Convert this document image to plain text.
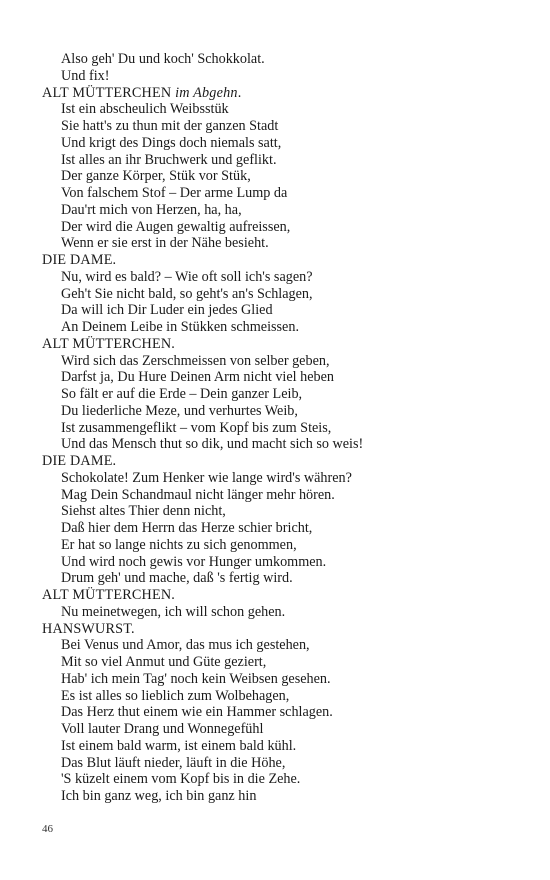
Also geh' Du und koch' Schokkolat.
Und fix!
ALT MÜTTERCHEN im Abgehn.
Ist ein abscheulich Weibsstük
Sie hatt's zu thun mit der ganzen Stadt
Und krigt des Dings doch niemals satt,
Ist alles an ihr Bruchwerk und geflikt.
Der ganze Körper, Stük vor Stük,
Von falschem Stof – Der arme Lump da
Dau'rt mich von Herzen, ha, ha,
Der wird die Augen gewaltig aufreissen,
Wenn er sie erst in der Nähe besieht.
DIE DAME.
Nu, wird es bald? – Wie oft soll ich's sagen?
Geh't Sie nicht bald, so geht's an's Schlagen,
Da will ich Dir Luder ein jedes Glied
An Deinem Leibe in Stükken schmeissen.
ALT MÜTTERCHEN.
Wird sich das Zerschmeissen von selber geben,
Darfst ja, Du Hure Deinen Arm nicht viel heben
So fält er auf die Erde – Dein ganzer Leib,
Du liederliche Meze, und verhurtes Weib,
Ist zusammengeflikt – vom Kopf bis zum Steis,
Und das Mensch thut so dik, und macht sich so weis!
DIE DAME.
Schokolate! Zum Henker wie lange wird's währen?
Mag Dein Schandmaul nicht länger mehr hören.
Siehst altes Thier denn nicht,
Daß hier dem Herrn das Herze schier bricht,
Er hat so lange nichts zu sich genommen,
Und wird noch gewis vor Hunger umkommen.
Drum geh' und mache, daß 's fertig wird.
ALT MÜTTERCHEN.
Nu meinetwegen, ich will schon gehen.
HANSWURST.
Bei Venus und Amor, das mus ich gestehen,
Mit so viel Anmut und Güte geziert,
Hab' ich mein Tag' noch kein Weibsen gesehen.
Es ist alles so lieblich zum Wolbehagen,
Das Herz thut einem wie ein Hammer schlagen.
Voll lauter Drang und Wonnegefühl
Ist einem bald warm, ist einem bald kühl.
Das Blut läuft nieder, läuft in die Höhe,
'S küzelt einem vom Kopf bis in die Zehe.
Ich bin ganz weg, ich bin ganz hin
46
